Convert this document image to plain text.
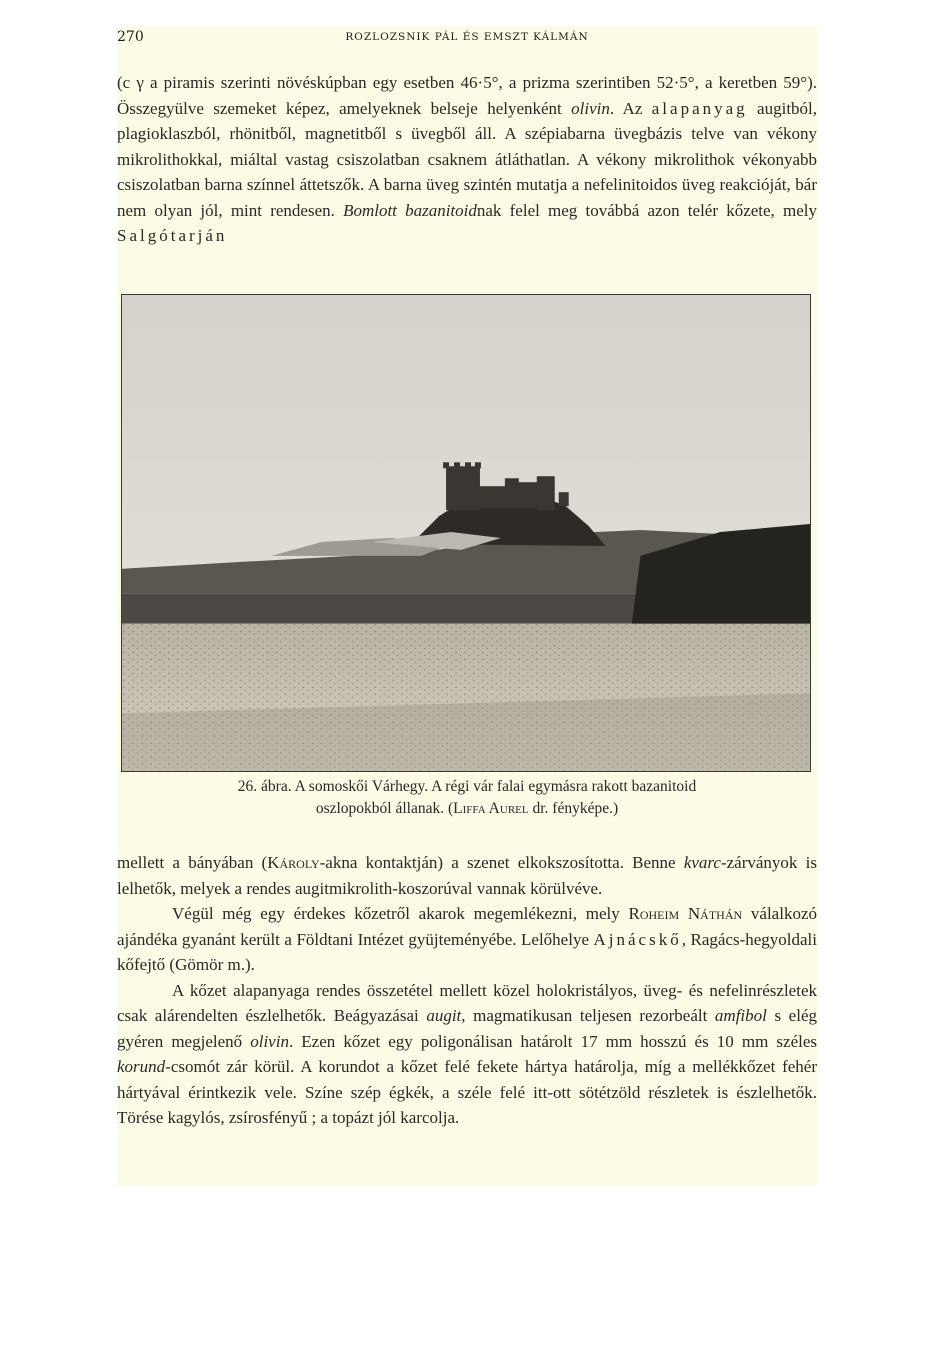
270	ROZLOZSNIK PÁL ÉS EMSZT KÁLMÁN

(c γ a piramis szerinti növéskúpban egy esetben 46·5°, a prizma szerintiben 52·5°, a keretben 59°). Összegyülve szemeket képez, amelyeknek belseje helyenként olivin. Az alapanyag augitból, plagioklaszból, rhönitből, magnetitből s üvegből áll. A szépiabarna üvegbázis telve van vékony mikrolithokkal, miáltal vastag csiszolatban csaknem átláthatlan. A vékony mikrolithok vékonyabb csiszolatban barna színnel áttetszők. A barna üveg szintén mutatja a nefelinitoidos üveg reakcióját, bár nem olyan jól, mint rendesen. Bomlott bazanitoidnak felel meg továbbá azon telér kőzete, mely Salgótarján

26. ábra. A somoskői Várhegy. A régi vár falai egymásra rakott bazanitoid
oszlopokból állanak. (Liffa Aurel dr. fényképe.)

mellett a bányában (Károly-akna kontaktján) a szenet elkokszosította. Benne kvarc-zárványok is lelhetők, melyek a rendes augitmikrolith-koszorúval vannak körülvéve.

Végül még egy érdekes kőzetről akarok megemlékezni, mely Roheim Náthán válalkozó ajándéka gyanánt került a Földtani Intézet gyüjteményébe. Lelőhelye Ajnácskő, Ragács-hegyoldali kőfejtő (Gömör m.).

A kőzet alapanyaga rendes összetétel mellett közel holokristályos, üveg- és nefelinrészletek csak alárendelten észlelhetők. Beágyazásai augit, magmatikusan teljesen rezorbeált amfibol s elég gyéren megjelenő olivin. Ezen kőzet egy poligonálisan határolt 17 mm hosszú és 10 mm széles korund-csomót zár körül. A korundot a kőzet felé fekete hártya határolja, míg a mellékkőzet fehér hártyával érintkezik vele. Színe szép égkék, a széle felé itt-ott sötétzöld részletek is észlelhetők. Törése kagylós, zsírosfényű ; a topázt jól karcolja.
